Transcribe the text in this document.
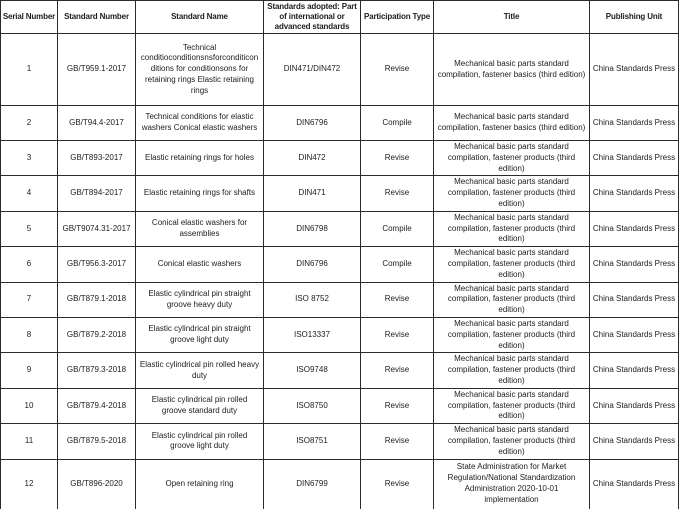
Serial Number	Standard Number	Standard Name	Standards adopted: Part of international or advanced standards	Participation Type	Title	Publishing Unit
1	GB/T959.1-2017	Technical conditioconditionsnsforconditiconditions for conditionsons for retaining rings Elastic retaining rings	DIN471/DIN472	Revise	Mechanical basic parts standard compilation, fastener basics (third edition)	China Standards Press
2	GB/T94.4-2017	Technical conditions for elastic washers Conical elastic washers	DIN6796	Compile	Mechanical basic parts standard compilation, fastener basics (third edition)	China Standards Press
3	GB/T893-2017	Elastic retaining rings for holes	DIN472	Revise	Mechanical basic parts standard compilation, fastener products (third edition)	China Standards Press
4	GB/T894-2017	Elastic retaining rings for shafts	DIN471	Revise	Mechanical basic parts standard compilation, fastener products (third edition)	China Standards Press
5	GB/T9074.31-2017	Conical elastic washers for assemblies	DIN6798	Compile	Mechanical basic parts standard compilation, fastener products (third edition)	China Standards Press
6	GB/T956.3-2017	Conical elastic washers	DIN6796	Compile	Mechanical basic parts standard compilation, fastener products (third edition)	China Standards Press
7	GB/T879.1-2018	Elastic cylindrical pin straight groove heavy duty	ISO 8752	Revise	Mechanical basic parts standard compilation, fastener products (third edition)	China Standards Press
8	GB/T879.2-2018	Elastic cylindrical pin straight groove light duty	ISO13337	Revise	Mechanical basic parts standard compilation, fastener products (third edition)	China Standards Press
9	GB/T879.3-2018	Elastic cylindrical pin rolled heavy duty	ISO9748	Revise	Mechanical basic parts standard compilation, fastener products (third edition)	China Standards Press
10	GB/T879.4-2018	Elastic cylindrical pin rolled groove standard duty	ISO8750	Revise	Mechanical basic parts standard compilation, fastener products (third edition)	China Standards Press
11	GB/T879.5-2018	Elastic cylindrical pin rolled groove light duty	ISO8751	Revise	Mechanical basic parts standard compilation, fastener products (third edition)	China Standards Press
12	GB/T896-2020	Open retaining ring	DIN6799	Revise	State Administration for Market Regulation/National Standardization Administration 2020-10-01 implementation	China Standards Press
